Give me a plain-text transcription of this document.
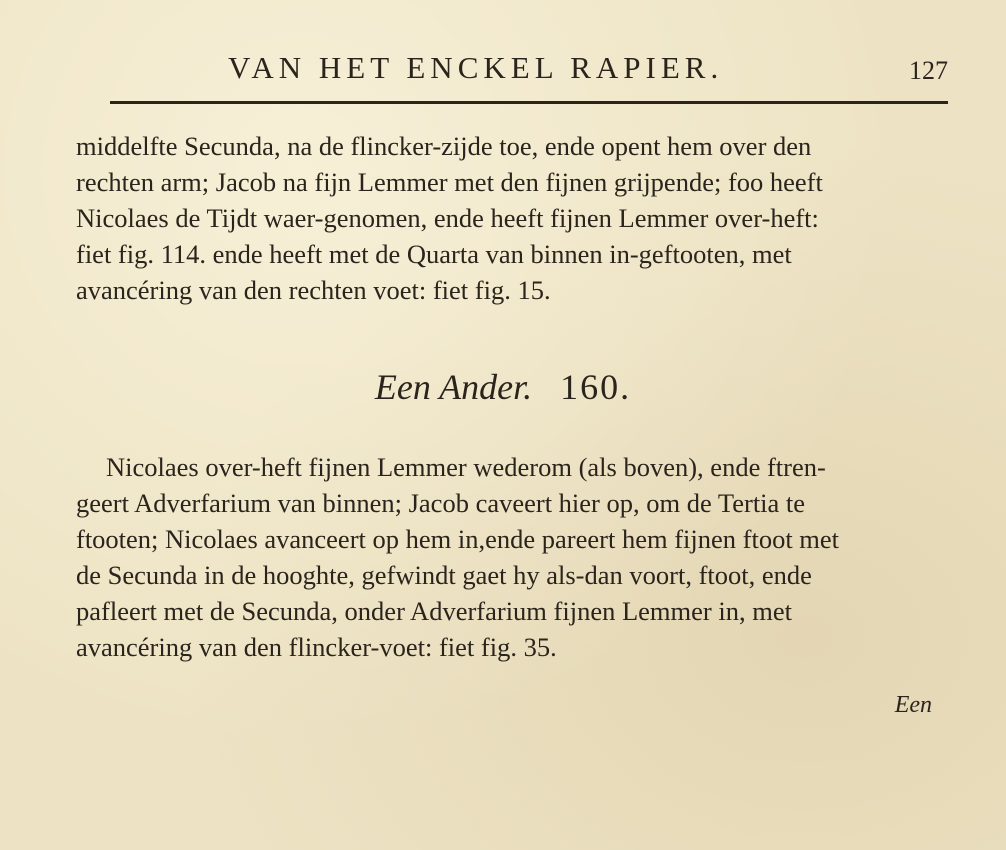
VAN HET ENCKEL RAPIER.	127
middelfte Secunda, na de flincker-zijde toe, ende opent hem over den
rechten arm; Jacob na fijn Lemmer met den fijnen grijpende; foo heeft
Nicolaes de Tijdt waer-genomen, ende heeft fijnen Lemmer over-heft:
fiet fig. 114. ende heeft met de Quarta van binnen in-geftooten, met
avancéring van den rechten voet: fiet fig. 15.
Een Ander. 160.
Nicolaes over-heft fijnen Lemmer wederom (als boven), ende ftren-
geert Adverfarium van binnen; Jacob caveert hier op, om de Tertia te
ftooten; Nicolaes avanceert op hem in,ende pareert hem fijnen ftoot met
de Secunda in de hooghte, gefwindt gaet hy als-dan voort, ftoot, ende
pafleert met de Secunda, onder Adverfarium fijnen Lemmer in, met
avancéring van den flincker-voet: fiet fig. 35.
Een
